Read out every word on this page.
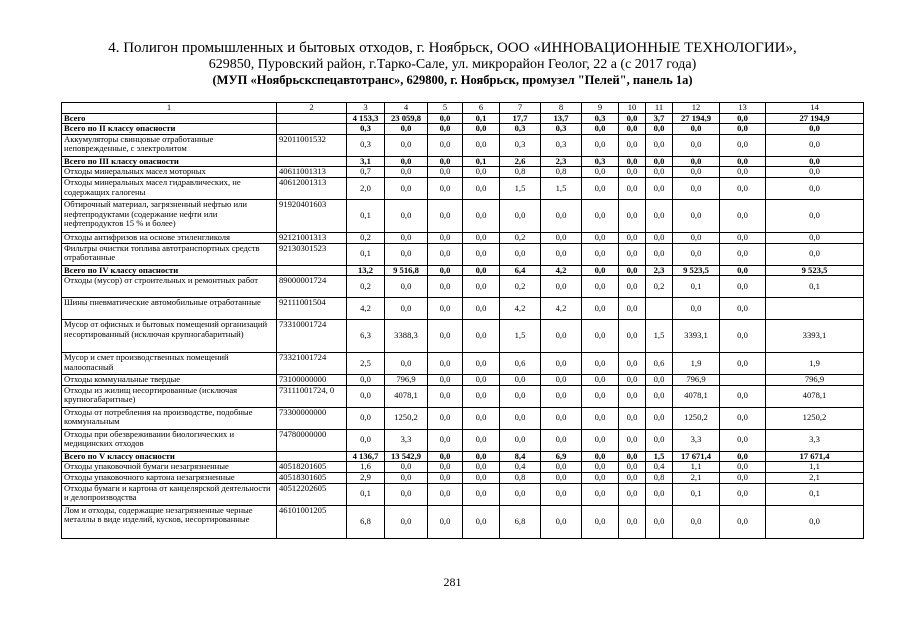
4. Полигон промышленных и бытовых отходов, г. Ноябрьск, ООО «ИННОВАЦИОННЫЕ ТЕХНОЛОГИИ»,

629850, Пуровский район, г.Тарко-Сале, ул. микрорайон Геолог, 22 а (с 2017 года)

(МУП «Ноябрьскспецавтотранс», 629800, г. Ноябрьск, промузел "Пелей", панель 1а)

1	2	3	4	5	6	7	8	9	10	11	12	13	14
Всего		4 153,3	23 059,8	0,0	0,1	17,7	13,7	0,3	0,0	3,7	27 194,9	0,0	27 194,9
Всего по II классу опасности		0,3	0,0	0,0	0,0	0,3	0,3	0,0	0,0	0,0	0,0	0,0	0,0
Аккумуляторы свинцовые отработанные неповрежденные, с электролитом	92011001532	0,3	0,0	0,0	0,0	0,3	0,3	0,0	0,0	0,0	0,0	0,0	0,0
Всего по III классу опасности		3,1	0,0	0,0	0,1	2,6	2,3	0,3	0,0	0,0	0,0	0,0	0,0
Отходы минеральных масел моторных	40611001313	0,7	0,0	0,0	0,0	0,8	0,8	0,0	0,0	0,0	0,0	0,0	0,0
Отходы минеральных масел гидравлических, не содержащих галогены	40612001313	2,0	0,0	0,0	0,0	1,5	1,5	0,0	0,0	0,0	0,0	0,0	0,0
Обтирочный материал, загрязненный нефтью или нефтепродуктами (содержание нефти или нефтепродуктов 15 % и более)	91920401603	0,1	0,0	0,0	0,0	0,0	0,0	0,0	0,0	0,0	0,0	0,0	0,0
Отходы антифризов на основе этиленгликоля	92121001313	0,2	0,0	0,0	0,0	0,2	0,0	0,0	0,0	0,0	0,0	0,0	0,0
Фильтры очистки топлива автотранспортных средств отработанные	92130301523	0,1	0,0	0,0	0,0	0,0	0,0	0,0	0,0	0,0	0,0	0,0	0,0
Всего по IV классу опасности		13,2	9 516,8	0,0	0,0	6,4	4,2	0,0	0,0	2,3	9 523,5	0,0	9 523,5
Отходы (мусор) от строительных и ремонтных работ	89000001724	0,2	0,0	0,0	0,0	0,2	0,0	0,0	0,0	0,2	0,1	0,0	0,1
Шины пневматические автомобильные отработанные	92111001504	4,2	0,0	0,0	0,0	4,2	4,2	0,0	0,0		0,0	0,0	
Мусор от офисных и бытовых помещений организаций несортированный (исключая крупногабаритный)	73310001724	6,3	3388,3	0,0	0,0	1,5	0,0	0,0	0,0	1,5	3393,1	0,0	3393,1
Мусор и смет производственных помещений малоопасный	73321001724	2,5	0,0	0,0	0,0	0,6	0,0	0,0	0,0	0,6	1,9	0,0	1,9
Отходы коммунальные твердые	73100000000	0,0	796,9	0,0	0,0	0,0	0,0	0,0	0,0	0,0	796,9		796,9
Отходы из жилищ несортированные (исключая крупногабаритные)	73111001724, 0	0,0	4078,1	0,0	0,0	0,0	0,0	0,0	0,0	0,0	4078,1	0,0	4078,1
Отходы от потребления на производстве, подобные коммунальным	73300000000	0,0	1250,2	0,0	0,0	0,0	0,0	0,0	0,0	0,0	1250,2	0,0	1250,2
Отходы при обезвреживании биологических и медицинских отходов	74780000000	0,0	3,3	0,0	0,0	0,0	0,0	0,0	0,0	0,0	3,3	0,0	3,3
Всего по V классу опасности		4 136,7	13 542,9	0,0	0,0	8,4	6,9	0,0	0,0	1,5	17 671,4	0,0	17 671,4
Отходы упаковочной бумаги незагрязненные	40518201605	1,6	0,0	0,0	0,0	0,4	0,0	0,0	0,0	0,4	1,1	0,0	1,1
Отходы упаковочного картона незагрязненные	40518301605	2,9	0,0	0,0	0,0	0,8	0,0	0,0	0,0	0,8	2,1	0,0	2,1
Отходы бумаги и картона от канцелярской деятельности и делопроизводства	40512202605	0,1	0,0	0,0	0,0	0,0	0,0	0,0	0,0	0,0	0,1	0,0	0,1
Лом и отходы, содержащие незагрязненные черные металлы в виде изделий, кусков, несортированные	46101001205	6,8	0,0	0,0	0,0	6,8	0,0	0,0	0,0	0,0	0,0	0,0	0,0
281
